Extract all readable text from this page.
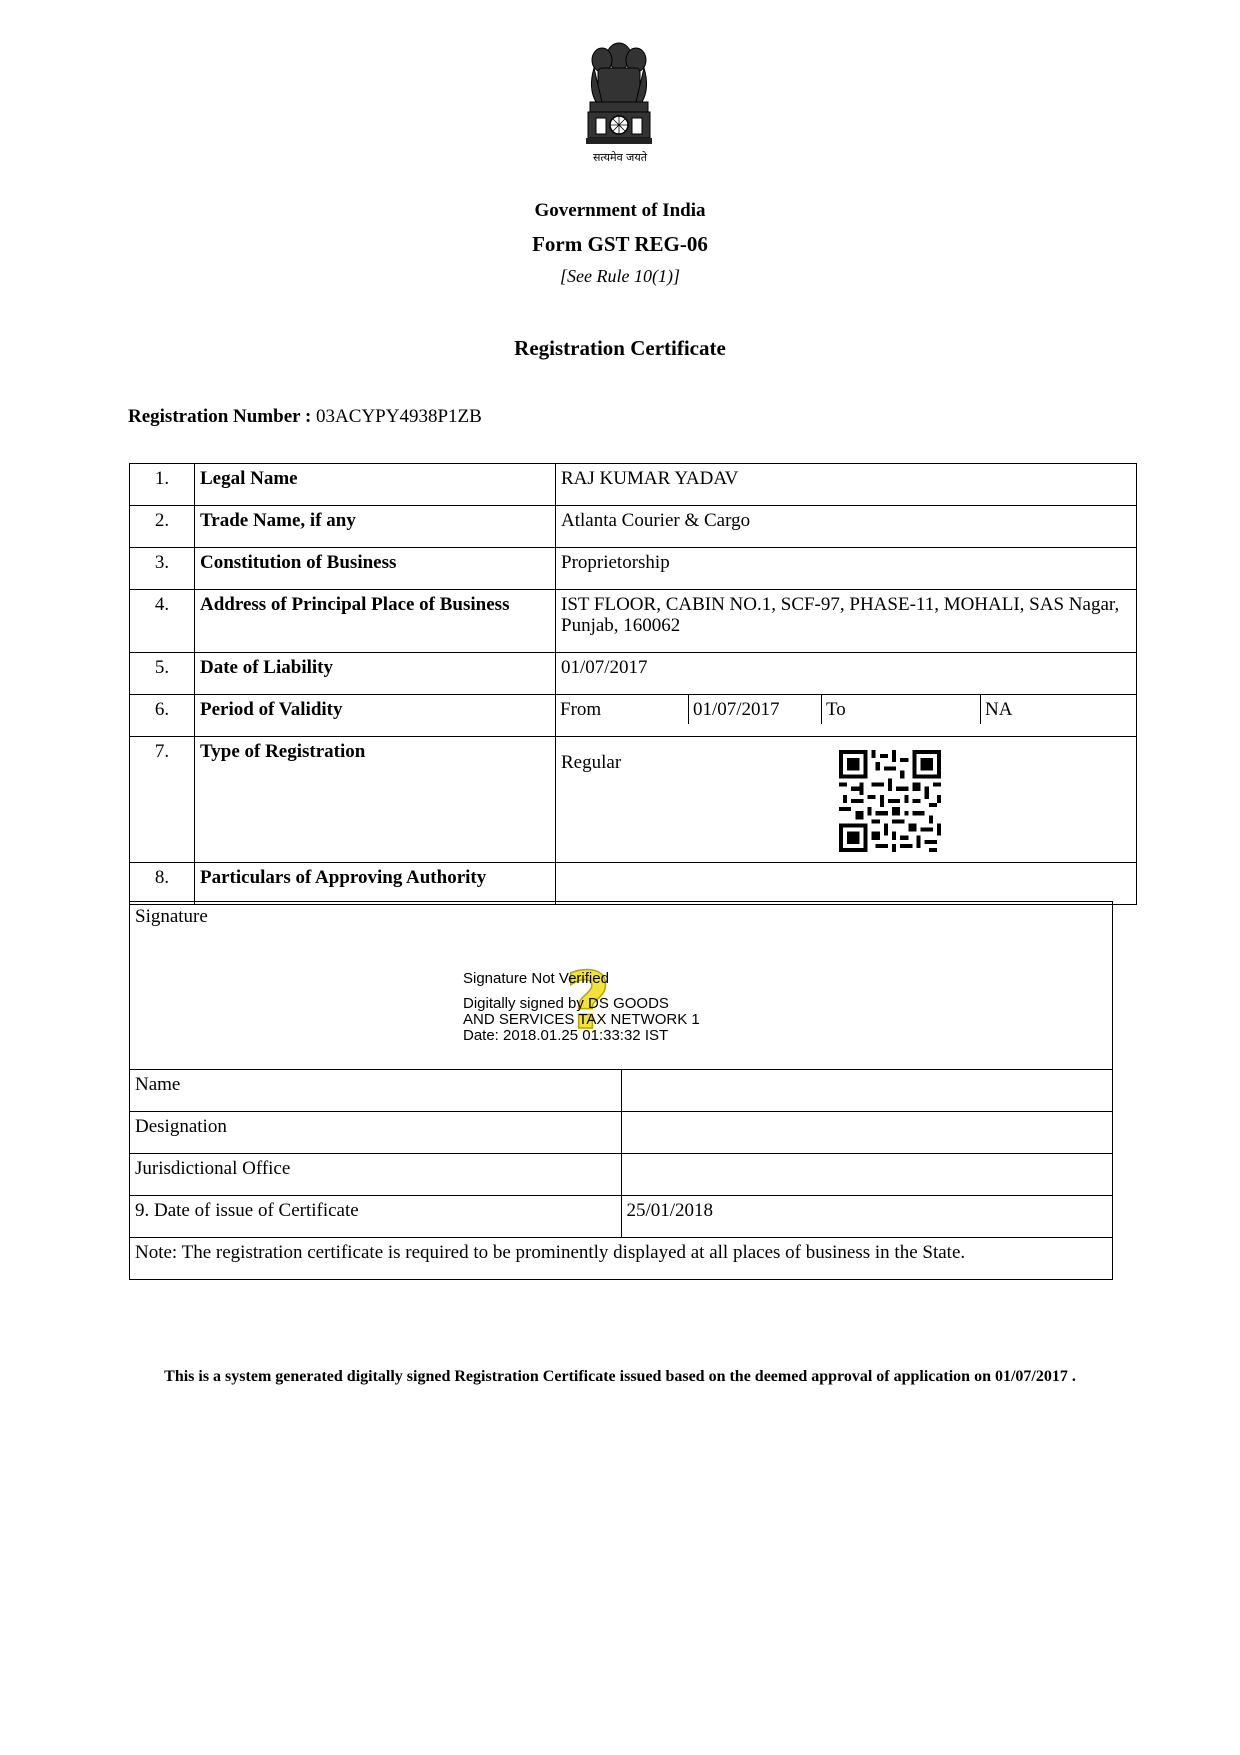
सत्यमेव जयते
Government of India
Form GST REG-06
[See Rule 10(1)]
Registration Certificate
Registration Number : 03ACYPY4938P1ZB
1.	Legal Name	RAJ KUMAR YADAV
2.	Trade Name, if any	Atlanta Courier & Cargo
3.	Constitution of Business	Proprietorship
4.	Address of Principal Place of Business	IST FLOOR, CABIN NO.1, SCF-97, PHASE-11, MOHALI, SAS Nagar, Punjab, 160062
5.	Date of Liability	01/07/2017
6.	Period of Validity		From	01/07/2017	To	NA

7.	Type of Registration	Regular
8.	Particulars of Approving Authority	
Signature	
Name	
Designation	
Jurisdictional Office	
9. Date of issue of Certificate	25/01/2018
Note: The registration certificate is required to be prominently displayed at all places of business in the State.	
?
Signature Not Verified
Digitally signed by DS GOODS
AND SERVICES TAX NETWORK 1
Date: 2018.01.25 01:33:32 IST
This is a system generated digitally signed Registration Certificate issued based on the deemed approval of application on 01/07/2017 .
